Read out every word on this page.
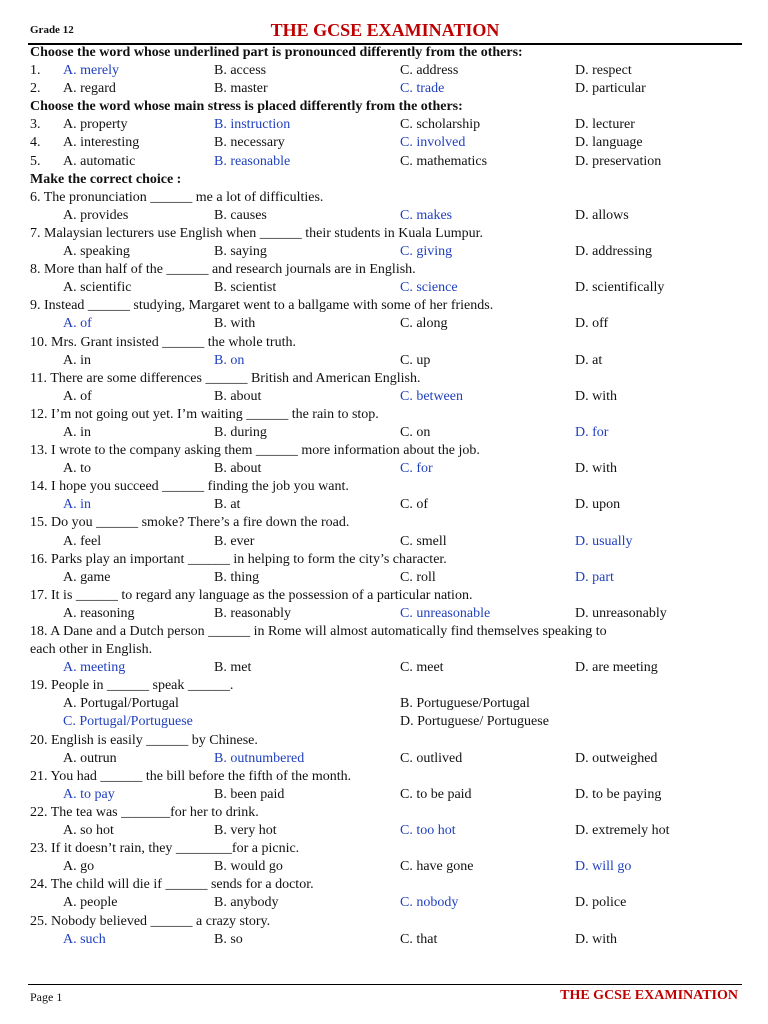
Grade 12	THE GCSE EXAMINATION
Choose the word whose underlined part is pronounced differently from the others:
1. A. merely	B. access	C. address	D. respect
2. A. regard	B. master	C. trade	D. particular
Choose the word whose main stress is placed differently from the others:
3. A. property	B. instruction	C. scholarship	D. lecturer
4. A. interesting	B. necessary	C. involved	D. language
5. A. automatic	B. reasonable	C. mathematics	D. preservation
Make the correct choice :
6. The pronunciation ______ me a lot of difficulties.
A. provides	B. causes	C. makes	D. allows
7. Malaysian lecturers use English when ______ their students in Kuala Lumpur.
A. speaking	B. saying	C. giving	D. addressing
8. More than half of the ______ and research journals are in English.
A. scientific	B. scientist	C. science	D. scientifically
9. Instead ______ studying, Margaret went to a ballgame with some of her friends.
A. of	B. with	C. along	D. off
10. Mrs. Grant insisted ______ the whole truth.
A. in	B. on	C. up	D. at
11. There are some differences ______ British and American English.
A. of	B. about	C. between	D. with
12. I’m not going out yet. I’m waiting ______ the rain to stop.
A. in	B. during	C. on	D. for
13. I wrote to the company asking them ______ more information about the job.
A. to	B. about	C. for	D. with
14. I hope you succeed ______ finding the job you want.
A. in	B. at	C. of	D. upon
15. Do you ______ smoke? There’s a fire down the road.
A. feel	B. ever	C. smell	D. usually
16. Parks play an important ______ in helping to form the city’s character.
A. game	B. thing	C. roll	D. part
17. It is ______ to regard any language as the possession of a particular nation.
A. reasoning	B. reasonably	C. unreasonable	D. unreasonably
18. A Dane and a Dutch person ______ in Rome will almost automatically find themselves speaking to
each other in English.
A. meeting	B. met	C. meet	D. are meeting
19. People in ______ speak ______.
A. Portugal/Portugal	B. Portuguese/Portugal
C. Portugal/Portuguese	D. Portuguese/ Portuguese
20. English is easily ______ by Chinese.
A. outrun	B. outnumbered	C. outlived	D. outweighed
21. You had ______ the bill before the fifth of the month.
A. to pay	B. been paid	C. to be paid	D. to be paying
22. The tea was _______for her to drink.
A. so hot	B. very hot	C. too hot	D. extremely hot
23. If it doesn’t rain, they ________for a picnic.
A. go	B. would go	C. have gone	D. will go
24. The child will die if ______ sends for a doctor.
A. people	B. anybody	C. nobody	D. police
25. Nobody believed ______ a crazy story.
A. such	B. so	C. that	D. with
Page 1	THE GCSE EXAMINATION
